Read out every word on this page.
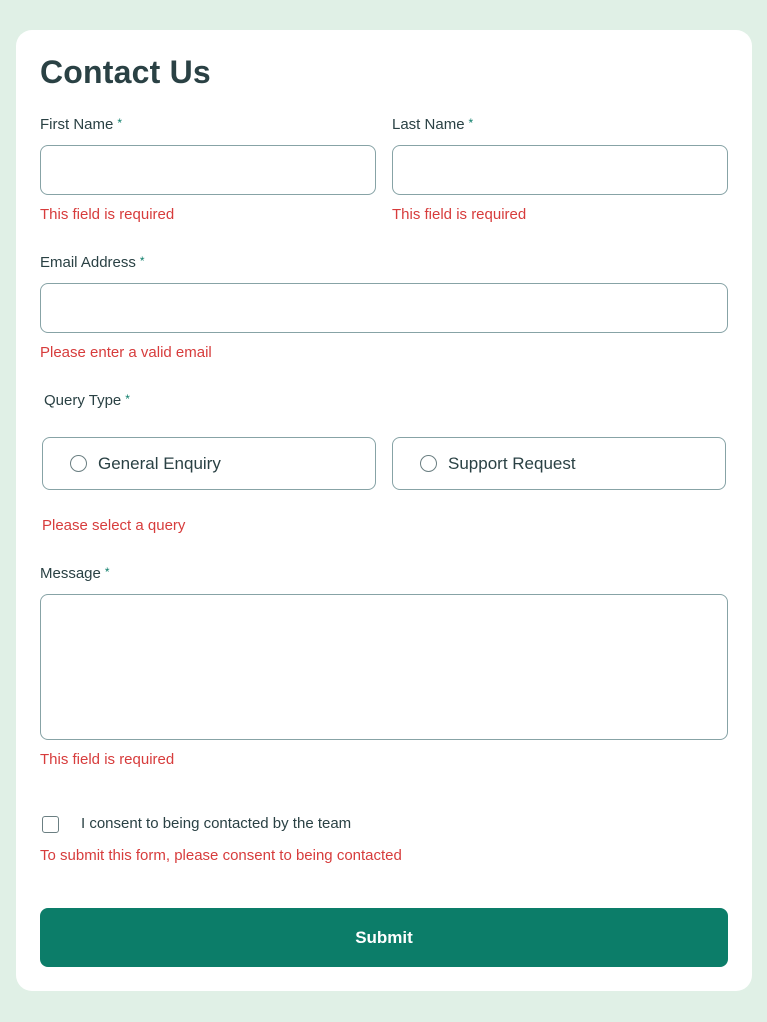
Contact Us
First Name *
This field is required
Last Name *
This field is required
Email Address *
Please enter a valid email
Query Type *
General Enquiry	Support Request
Please select a query
Message *
This field is required
I consent to being contacted by the team
To submit this form, please consent to being contacted
Submit
